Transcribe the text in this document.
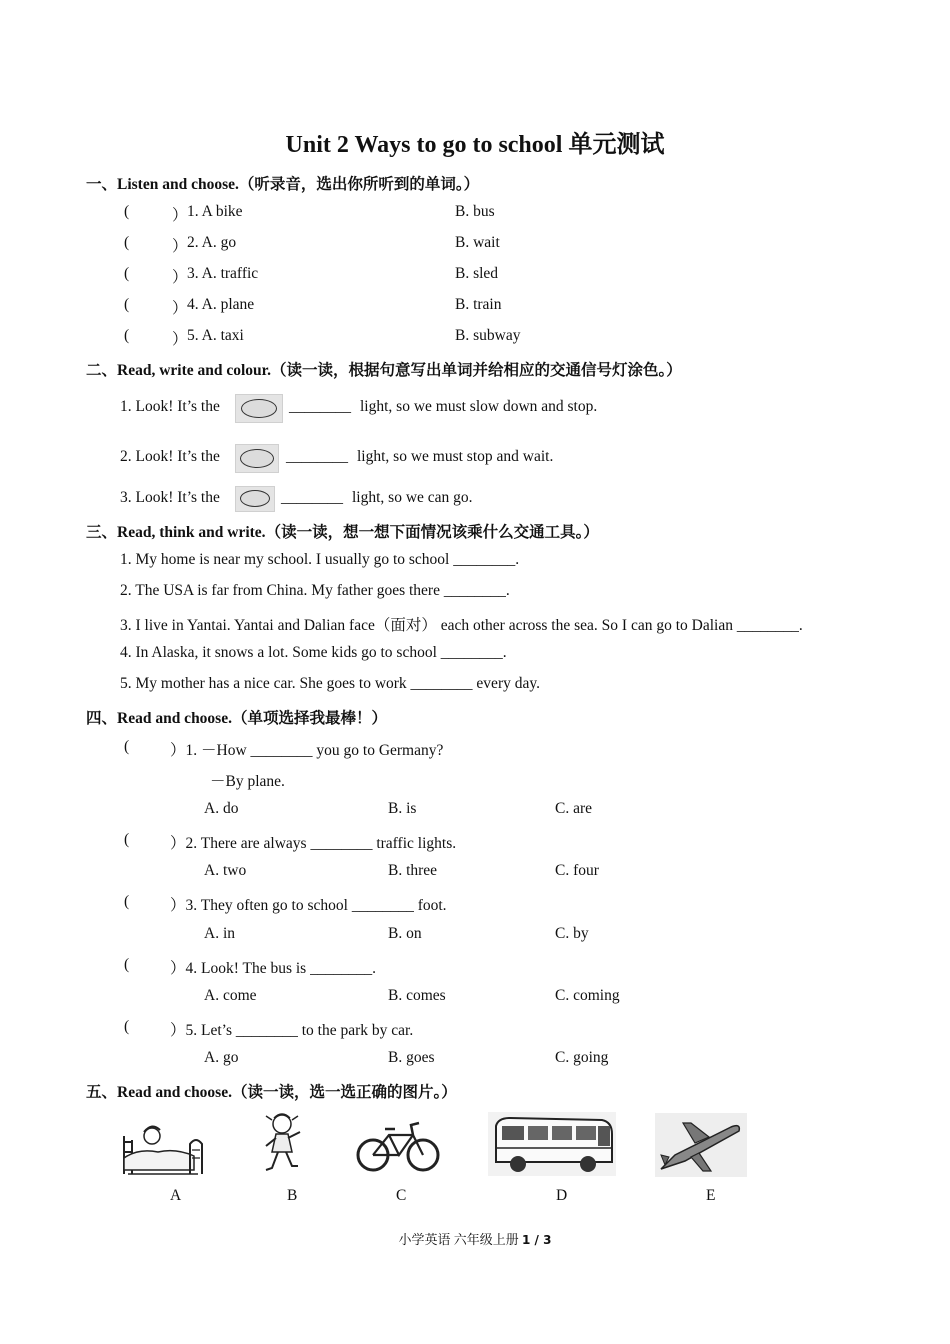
Unit 2 Ways to go to school 单元测试
一、Listen and choose.（听录音，选出你所听到的单词。）
(	1. A bike	B. bus
(	2. A. go	B. wait
(	3. A. traffic	B. sled
(	4. A. plane	B. train
(	5. A. taxi	B. subway
二、Read, write and colour.（读一读，根据句意写出单词并给相应的交通信号灯涂色。）
1. Look! It’s the	________ light, so we must slow down and stop.
2. Look! It’s the	________ light, so we must stop and wait.
3. Look! It’s the	________ light, so we can go.
三、Read, think and write.（读一读，想一想下面情况该乘什么交通工具。）
1. My home is near my school. I usually go to school ________.
2. The USA is far from China. My father goes there ________.
3. I live in Yantai. Yantai and Dalian face（面对） each other across the sea. So I can go to Dalian ________.
4. In Alaska, it snows a lot. Some kids go to school ________.
5. My mother has a nice car. She goes to work ________ every day.
四、Read and choose.（单项选择我最棒！）
(	）1. －How ________ you go to Germany?
－By plane.
A. do	B. is	C. are
(	）2. There are always ________ traffic lights.
A. two	B. three	C. four
(	）3. They often go to school ________ foot.
A. in	B. on	C. by
(	）4. Look! The bus is ________.
A. come	B. comes	C. coming
(	）5. Let’s ________ to the park by car.
A. go	B. goes	C. going
五、Read and choose.（读一读，选一选正确的图片。）
A	B	C	D	E
小学英语 六年级上册 1 / 3
）
）
）
）
）
